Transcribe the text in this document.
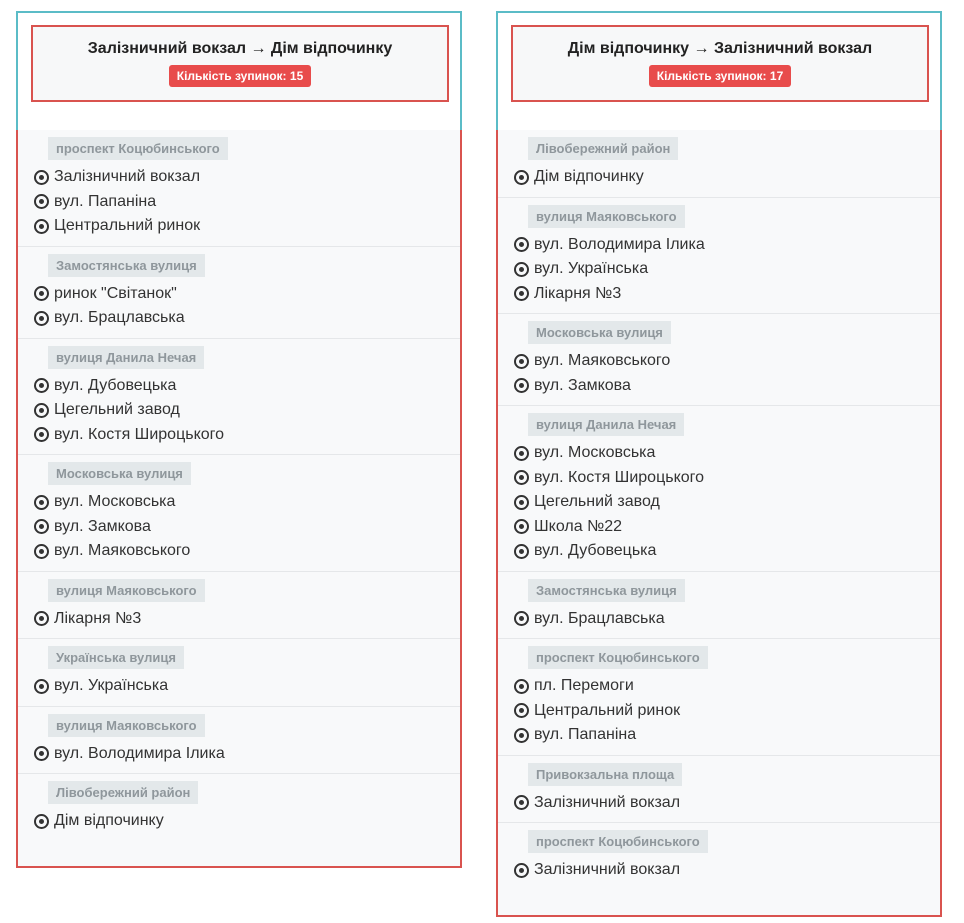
Залізничний вокзал → Дім відпочинку
Кількість зупинок: 15
проспект Коцюбинського
Залізничний вокзал
вул. Папаніна
Центральний ринок
Замостянська вулиця
ринок "Світанок"
вул. Брацлавська
вулиця Данила Нечая
вул. Дубовецька
Цегельний завод
вул. Костя Широцького
Московська вулиця
вул. Московська
вул. Замкова
вул. Маяковського
вулиця Маяковського
Лікарня №3
Українська вулиця
вул. Українська
вулиця Маяковського
вул. Володимира Ілика
Лівобережний район
Дім відпочинку
Дім відпочинку → Залізничний вокзал
Кількість зупинок: 17
Лівобережний район
Дім відпочинку
вулиця Маяковського
вул. Володимира Ілика
вул. Українська
Лікарня №3
Московська вулиця
вул. Маяковського
вул. Замкова
вулиця Данила Нечая
вул. Московська
вул. Костя Широцького
Цегельний завод
Школа №22
вул. Дубовецька
Замостянська вулиця
вул. Брацлавська
проспект Коцюбинського
пл. Перемоги
Центральний ринок
вул. Папаніна
Привокзальна площа
Залізничний вокзал
проспект Коцюбинського
Залізничний вокзал
